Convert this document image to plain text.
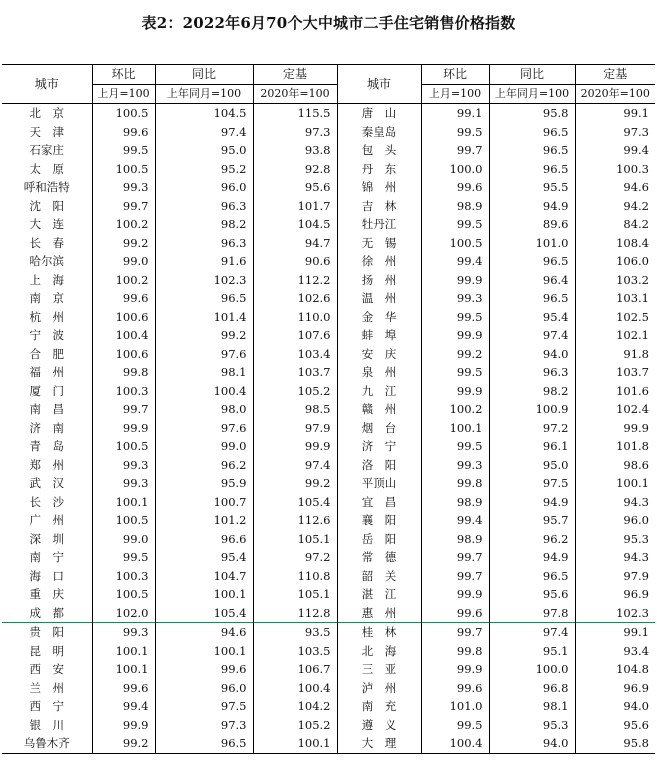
表2：2022年6月70个大中城市二手住宅销售价格指数
城市	环比	同比	定基	城市	环比	同比	定基
	上月=100	上年同月=100	2020年=100		上月=100	上年同月=100	2020年=100
北　京	100.5	104.5	115.5	唐　山	99.1	95.8	99.1
天　津	99.6	97.4	97.3	秦皇岛	99.5	96.5	97.3
石家庄	99.5	95.0	93.8	包　头	99.7	96.5	99.4
太　原	100.5	95.2	92.8	丹　东	100.0	96.5	100.3
呼和浩特	99.3	96.0	95.6	锦　州	99.6	95.5	94.6
沈　阳	99.7	96.3	101.7	吉　林	98.9	94.9	94.2
大　连	100.2	98.2	104.5	牡丹江	99.5	89.6	84.2
长　春	99.2	96.3	94.7	无　锡	100.5	101.0	108.4
哈尔滨	99.0	91.6	90.6	徐　州	99.4	96.5	106.0
上　海	100.2	102.3	112.2	扬　州	99.9	96.4	103.2
南　京	99.6	96.5	102.6	温　州	99.3	96.5	103.1
杭　州	100.6	101.4	110.0	金　华	99.5	95.4	102.5
宁　波	100.4	99.2	107.6	蚌　埠	99.9	97.4	102.1
合　肥	100.6	97.6	103.4	安　庆	99.2	94.0	91.8
福　州	99.8	98.1	103.7	泉　州	99.5	96.3	103.7
厦　门	100.3	100.4	105.2	九　江	99.9	98.2	101.6
南　昌	99.7	98.0	98.5	赣　州	100.2	100.9	102.4
济　南	99.9	97.6	97.9	烟　台	100.1	97.2	99.9
青　岛	100.5	99.0	99.9	济　宁	99.5	96.1	101.8
郑　州	99.3	96.2	97.4	洛　阳	99.3	95.0	98.6
武　汉	99.3	95.9	99.2	平顶山	99.8	97.5	100.1
长　沙	100.1	100.7	105.4	宜　昌	98.9	94.9	94.3
广　州	100.5	101.2	112.6	襄　阳	99.4	95.7	96.0
深　圳	99.0	96.6	105.1	岳　阳	98.9	96.2	95.3
南　宁	99.5	95.4	97.2	常　德	99.7	94.9	94.3
海　口	100.3	104.7	110.8	韶　关	99.7	96.5	97.9
重　庆	100.5	100.1	105.1	湛　江	99.9	95.6	96.9
成　都	102.0	105.4	112.8	惠　州	99.6	97.8	102.3
贵　阳	99.3	94.6	93.5	桂　林	99.7	97.4	99.1
昆　明	100.1	100.1	103.5	北　海	99.8	95.1	93.4
西　安	100.1	99.6	106.7	三　亚	99.9	100.0	104.8
兰　州	99.6	96.0	100.4	泸　州	99.6	96.8	96.9
西　宁	99.4	97.5	104.2	南　充	101.0	98.1	94.0
银　川	99.9	97.3	105.2	遵　义	99.5	95.3	95.6
乌鲁木齐	99.2	96.5	100.1	大　理	100.4	94.0	95.8
